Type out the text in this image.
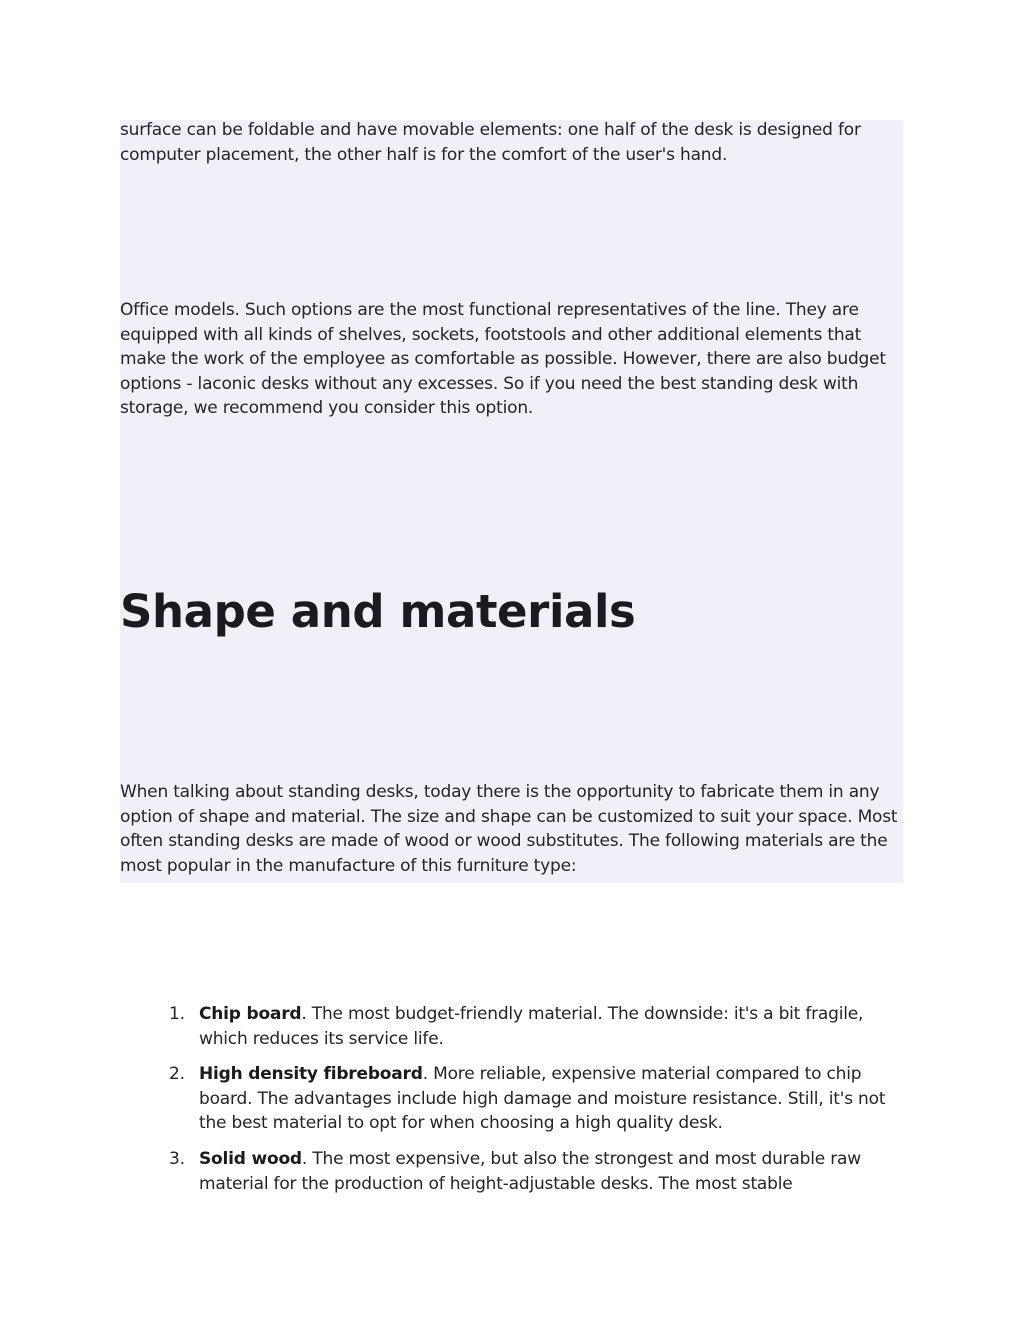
surface can be foldable and have movable elements: one half of the desk is designed for computer placement, the other half is for the comfort of the user's hand.

Office models. Such options are the most functional representatives of the line. They are equipped with all kinds of shelves, sockets, footstools and other additional elements that make the work of the employee as comfortable as possible. However, there are also budget options - laconic desks without any excesses. So if you need the best standing desk with storage, we recommend you consider this option.

Shape and materials

When talking about standing desks, today there is the opportunity to fabricate them in any option of shape and material. The size and shape can be customized to suit your space. Most often standing desks are made of wood or wood substitutes. The following materials are the most popular in the manufacture of this furniture type:

1. Chip board. The most budget-friendly material. The downside: it's a bit fragile, which reduces its service life.
2. High density fibreboard. More reliable, expensive material compared to chip board. The advantages include high damage and moisture resistance. Still, it's not the best material to opt for when choosing a high quality desk.
3. Solid wood. The most expensive, but also the strongest and most durable raw material for the production of height-adjustable desks. The most stable
